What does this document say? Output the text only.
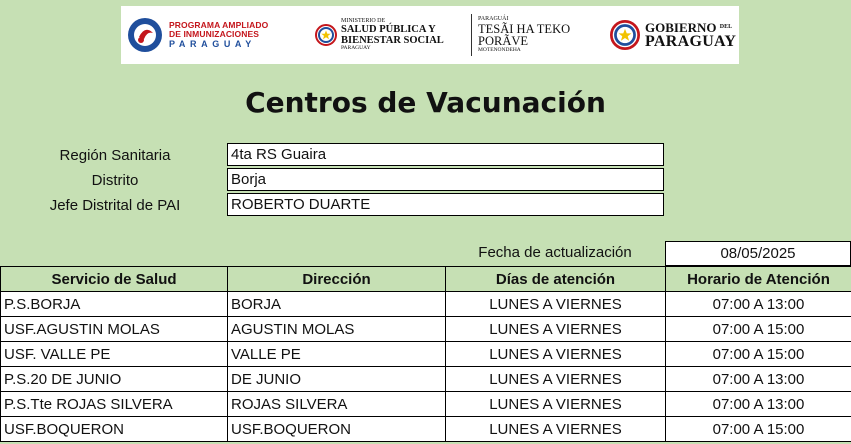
PROGRAMA AMPLIADO
DE INMUNIZACIONES
PARAGUAY
MINISTERIO DE
SALUD PÚBLICA Y
BIENESTAR SOCIAL
PARAGUAY
PARAGUÁI
TESÃI HA TEKO
PORÃVE
MOTENONDEHA
GOBIERNO $^{DEL}$
PARAGUAY
Centros de Vacunación
Región Sanitaria	4ta RS Guaira
Distrito	Borja
Jefe Distrital de PAI	ROBERTO DUARTE
Fecha de actualización	08/05/2025
Servicio de Salud	Dirección	Días de atención	Horario de Atención
P.S.BORJA	BORJA	LUNES A VIERNES	07:00 A 13:00
USF.AGUSTIN MOLAS	AGUSTIN MOLAS	LUNES A VIERNES	07:00 A 15:00
USF. VALLE PE	VALLE PE	LUNES A VIERNES	07:00 A 15:00
P.S.20 DE JUNIO	DE JUNIO	LUNES A VIERNES	07:00 A 13:00
P.S.Tte ROJAS SILVERA	ROJAS SILVERA	LUNES A VIERNES	07:00 A 13:00
USF.BOQUERON	USF.BOQUERON	LUNES A VIERNES	07:00 A 15:00
